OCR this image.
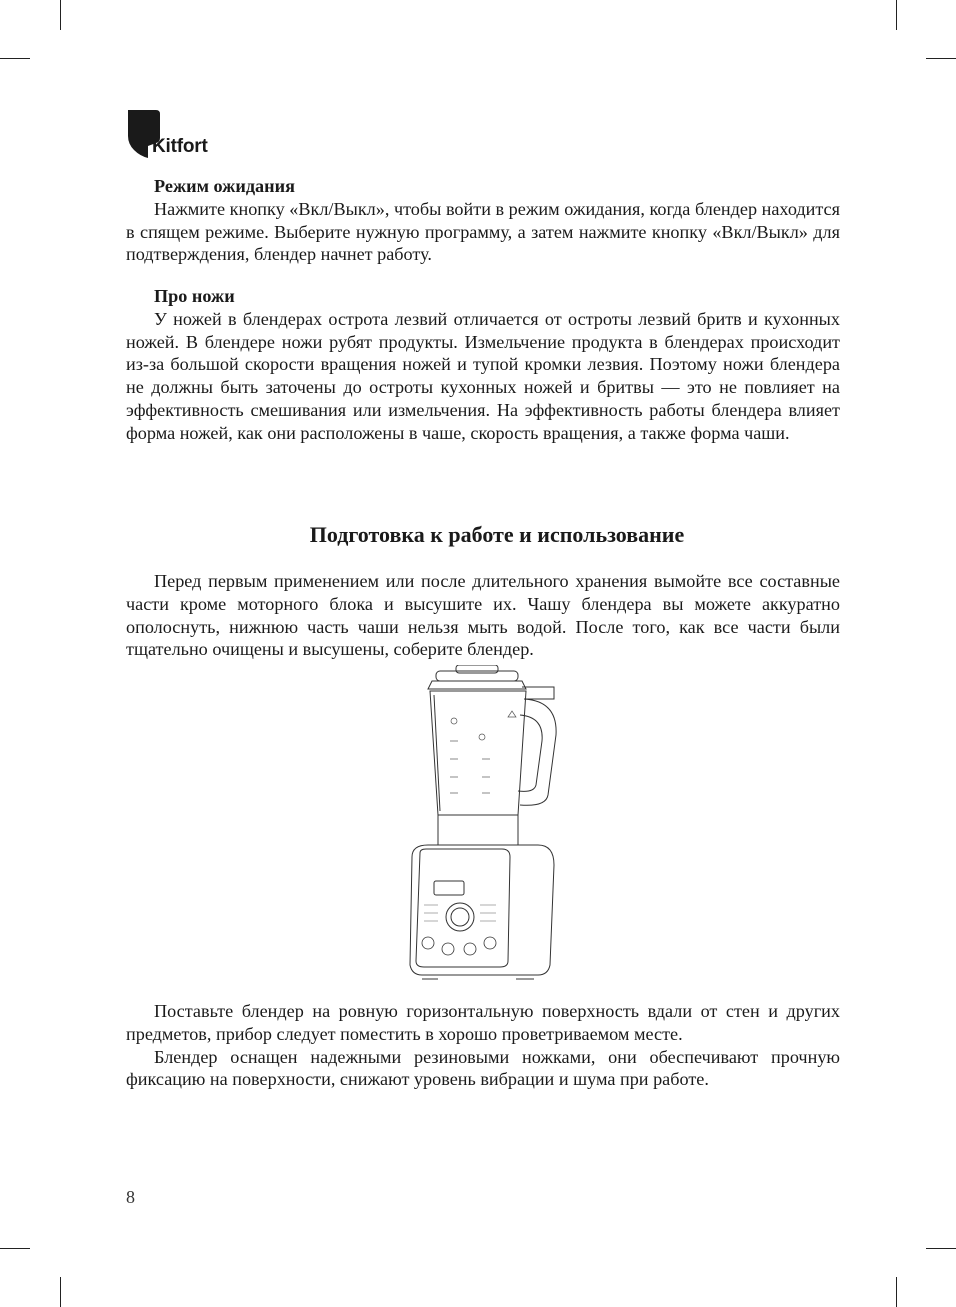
Kitfort
Режим ожидания

Нажмите кнопку «Вкл/Выкл», чтобы войти в режим ожидания, когда блендер находится в спящем режиме. Выберите нужную программу, а затем нажмите кнопку «Вкл/Выкл» для подтверждения, блендер начнет работу.

Про ножи

У ножей в блендерах острота лезвий отличается от остроты лезвий бритв и кухонных ножей. В блендере ножи рубят продукты. Измельчение продукта в блендерах происходит из-за большой скорости вращения ножей и тупой кромки лезвия. Поэтому ножи блендера не должны быть заточены до остроты кухонных ножей и бритвы — это не повлияет на эффективность смешивания или измельчения. На эффективность работы блендера влияет форма ножей, как они расположены в чаше, скорость вращения, а также форма чаши.

Подготовка к работе и использование

Перед первым применением или после длительного хранения вымойте все составные части кроме моторного блока и высушите их. Чашу блендера вы можете аккуратно ополоснуть, нижнюю часть чаши нельзя мыть водой. После того, как все части были тщательно очищены и высушены, соберите блендер.

Поставьте блендер на ровную горизонтальную поверхность вдали от стен и других предметов, прибор следует поместить в хорошо проветриваемом месте.

Блендер оснащен надежными резиновыми ножками, они обеспечивают прочную фиксацию на поверхности, снижают уровень вибрации и шума при работе.

8
